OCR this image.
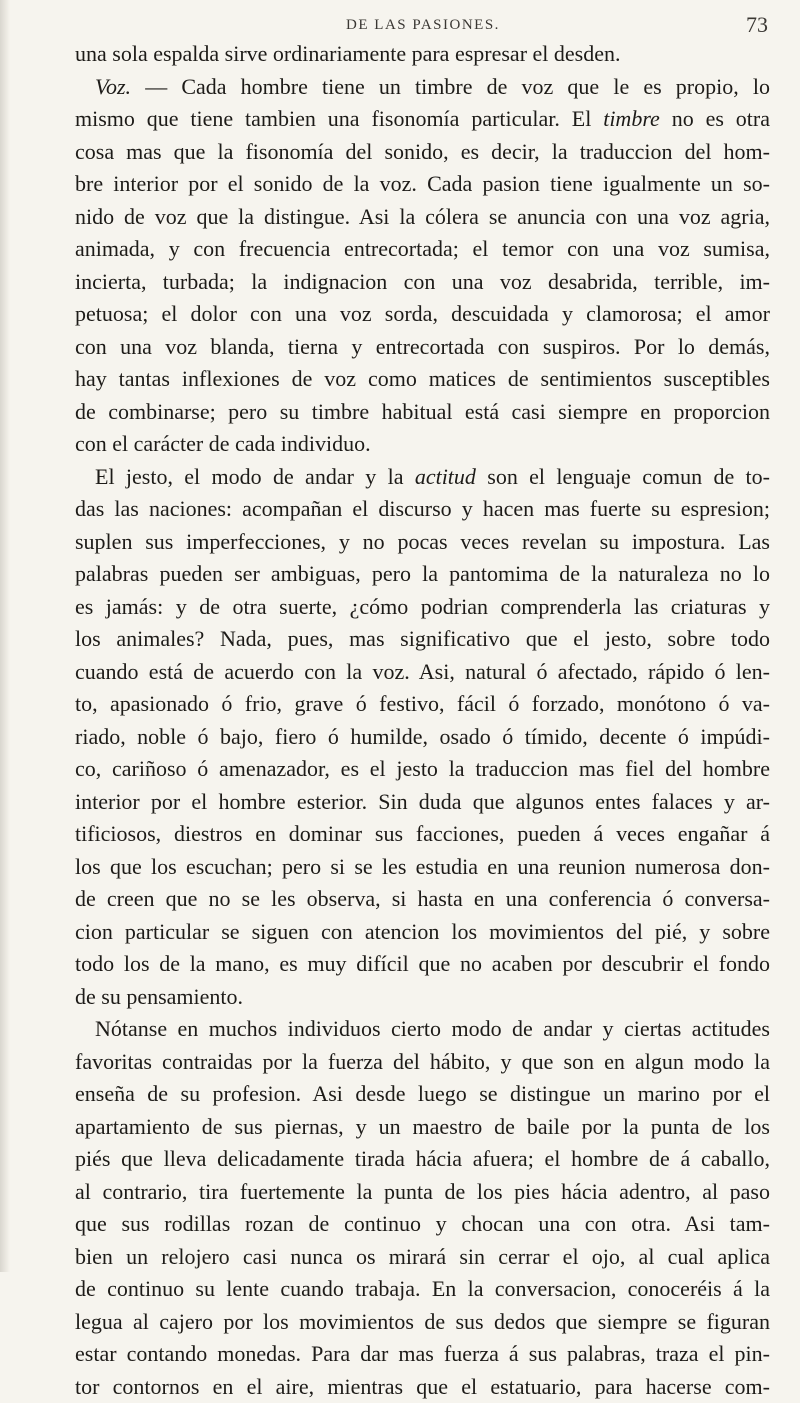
DE LAS PASIONES.	73

una sola espalda sirve ordinariamente para espresar el desden.

Voz. — Cada hombre tiene un timbre de voz que le es propio, lo
mismo que tiene tambien una fisonomía particular. El timbre no es otra
cosa mas que la fisonomía del sonido, es decir, la traduccion del hom-
bre interior por el sonido de la voz. Cada pasion tiene igualmente un so-
nido de voz que la distingue. Asi la cólera se anuncia con una voz agria,
animada, y con frecuencia entrecortada; el temor con una voz sumisa,
incierta, turbada; la indignacion con una voz desabrida, terrible, im-
petuosa; el dolor con una voz sorda, descuidada y clamorosa; el amor
con una voz blanda, tierna y entrecortada con suspiros. Por lo demás,
hay tantas inflexiones de voz como matices de sentimientos susceptibles
de combinarse; pero su timbre habitual está casi siempre en proporcion
con el carácter de cada individuo.

El jesto, el modo de andar y la actitud son el lenguaje comun de to-
das las naciones: acompañan el discurso y hacen mas fuerte su espresion;
suplen sus imperfecciones, y no pocas veces revelan su impostura. Las
palabras pueden ser ambiguas, pero la pantomima de la naturaleza no lo
es jamás: y de otra suerte, ¿cómo podrian comprenderla las criaturas y
los animales? Nada, pues, mas significativo que el jesto, sobre todo
cuando está de acuerdo con la voz. Asi, natural ó afectado, rápido ó len-
to, apasionado ó frio, grave ó festivo, fácil ó forzado, monótono ó va-
riado, noble ó bajo, fiero ó humilde, osado ó tímido, decente ó impúdi-
co, cariñoso ó amenazador, es el jesto la traduccion mas fiel del hombre
interior por el hombre esterior. Sin duda que algunos entes falaces y ar-
tificiosos, diestros en dominar sus facciones, pueden á veces engañar á
los que los escuchan; pero si se les estudia en una reunion numerosa don-
de creen que no se les observa, si hasta en una conferencia ó conversa-
cion particular se siguen con atencion los movimientos del pié, y sobre
todo los de la mano, es muy difícil que no acaben por descubrir el fondo
de su pensamiento.

Nótanse en muchos individuos cierto modo de andar y ciertas actitudes
favoritas contraidas por la fuerza del hábito, y que son en algun modo la
enseña de su profesion. Asi desde luego se distingue un marino por el
apartamiento de sus piernas, y un maestro de baile por la punta de los
piés que lleva delicadamente tirada hácia afuera; el hombre de á caballo,
al contrario, tira fuertemente la punta de los pies hácia adentro, al paso
que sus rodillas rozan de continuo y chocan una con otra. Asi tam-
bien un relojero casi nunca os mirará sin cerrar el ojo, al cual aplica
de continuo su lente cuando trabaja. En la conversacion, conoceréis á la
legua al cajero por los movimientos de sus dedos que siempre se figuran
estar contando monedas. Para dar mas fuerza á sus palabras, traza el pin-
tor contornos en el aire, mientras que el estatuario, para hacerse com-
